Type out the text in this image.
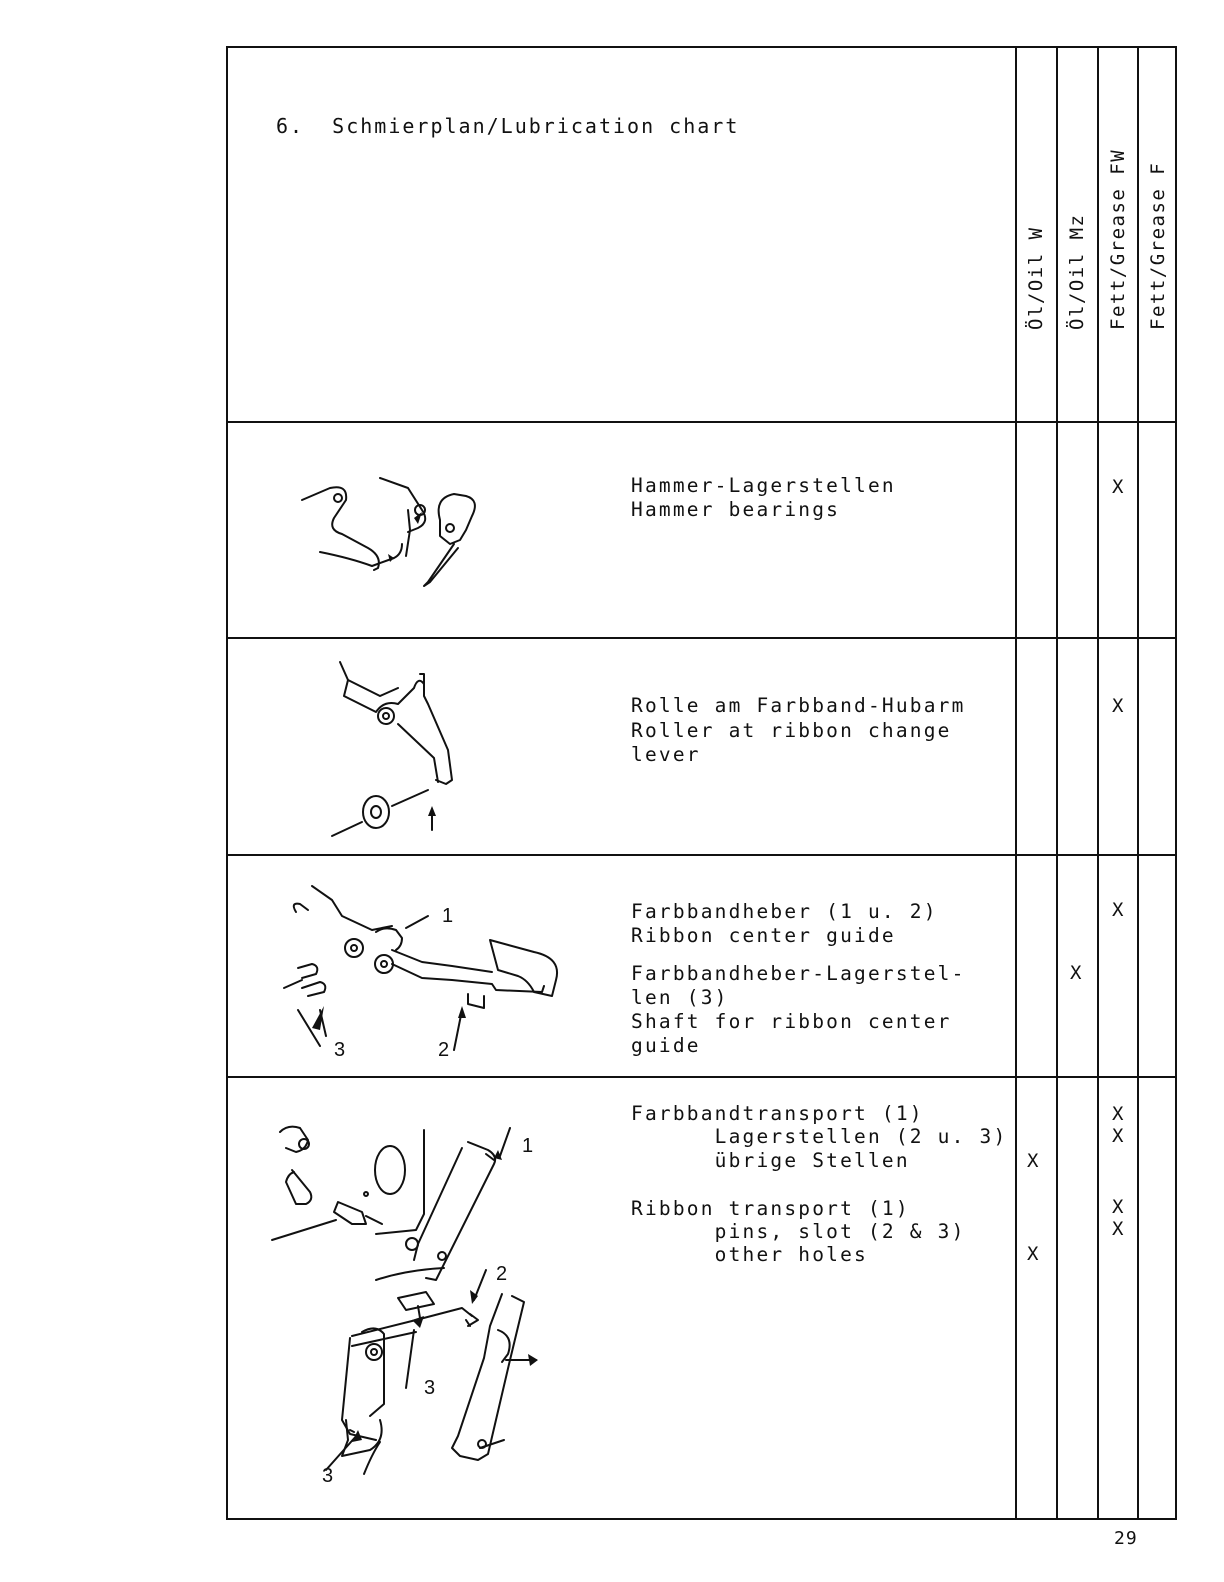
6.  Schmierplan/Lubrication chart
Öl/Oil W Öl/Oil Mz Fett/Grease FW Fett/Grease F
Hammer-Lagerstellen
Hammer bearings
X
Rolle am Farbband-Hubarm
Roller at ribbon change
lever
X
1
3	2
Farbbandheber (1 u. 2)
Ribbon center guide
Farbbandheber-Lagerstel-
len (3)
Shaft for ribbon center
guide
X
X
1
2
3
3
Farbbandtransport (1)
Lagerstellen (2 u. 3)
übrige Stellen
Ribbon transport (1)
pins, slot (2 & 3)
other holes
X
X
X
X
X
X
29
